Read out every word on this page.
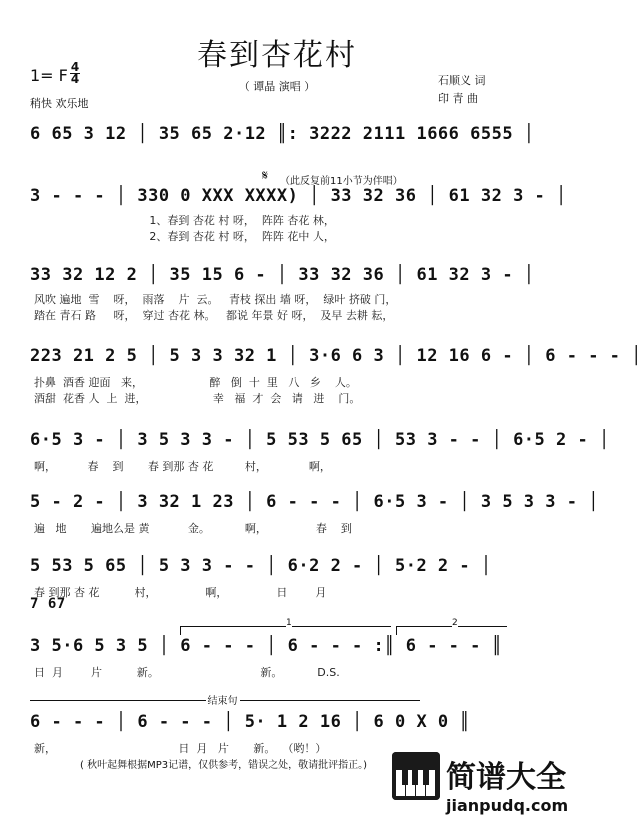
春到杏花村
1= F 4
4
稍快 欢乐地
（ 谭晶 演唱 ）	石顺义 词
印 青 曲
6 65 3 12 │ 35 65 2·12 ║: 3222 2111 1666 6555 │
𝄋 （此反复前11小节为伴唱）
3 - - - │ 330 0 XXX XXXX) │ 33 32 36 │ 61 32 3 - │
1、春到 杏花 村 呀，  阵阵 杏花 林，
2、春到 杏花 村 呀，  阵阵 花中 人，
33 32 12 2 │ 35 15 6 - │ 33 32 36 │ 61 32 3 - │
风吹 遍地  雪    呀，  雨落    片  云。   青枝 探出 墙 呀，  绿叶 挤破 门，
踏在 青石 路     呀，  穿过 杏花 林。   都说 年景 好 呀，  及早 去耕 耘，
223 21 2 5 │ 5 3 3 32 1 │ 3·6 6 3 │ 12 16 6 - │ 6 - - - │
扑鼻  酒香 迎面   来，                   醉   倒  十  里   八   乡    人。
酒甜  花香 人  上  进，                   幸   福  才  会   请   进    门。
6·5 3 - │ 3 5 3 3 - │ 5 53 5 65 │ 53 3 - - │ 6·5 2 - │
啊，         春    到       春 到那 杏 花         村，            啊，
5 - 2 - │ 3 32 1 23 │ 6 - - - │ 6·5 3 - │ 3 5 3 3 - │
遍   地       遍地么是 黄           金。          啊，              春    到
5 53 5 65 │ 5 3 3 - - │ 6·2 2 - │ 5·2 2 - │
春 到那 杏 花          村，              啊，              日        月
7 67
1	2
3 5·6 5 3 5 │ 6 - - - │ 6 - - - :║ 6 - - - ║
日  月        片          新。                             新。          D.S.
结束句
6 - - - │ 6 - - - │ 5· 1 2 16 │ 6 0 X 0 ║
新，                                   日  月   片       新。  （哟！）
( 秋叶起舞根据MP3记谱，仅供参考，错误之处，敬请批评指正。)	简谱大全
jianpudq.com
